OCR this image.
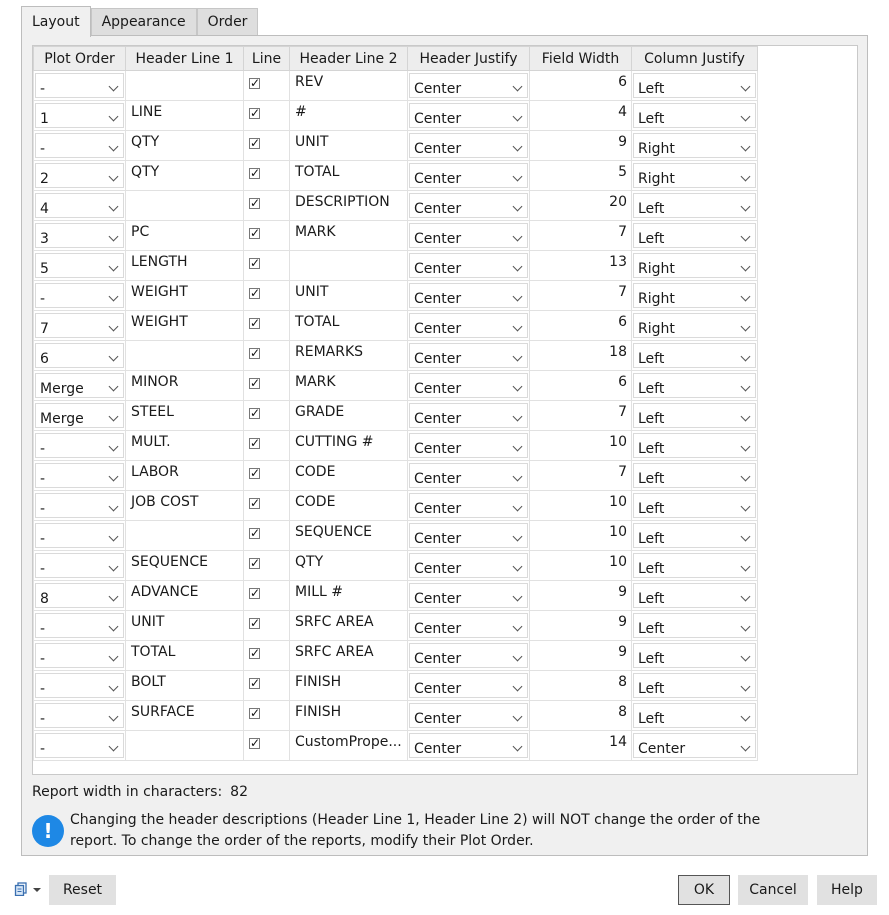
Layout	Appearance	Order
Plot Order	Header Line 1	Line	Header Line 2	Header Justify	Field Width	Column Justify

-		✓	REV	Center	6	Left

1	LINE	✓	#	Center	4	Left

-	QTY	✓	UNIT	Center	9	Right

2	QTY	✓	TOTAL	Center	5	Right

4		✓	DESCRIPTION	Center	20	Left

3	PC	✓	MARK	Center	7	Left

5	LENGTH	✓		Center	13	Right

-	WEIGHT	✓	UNIT	Center	7	Right

7	WEIGHT	✓	TOTAL	Center	6	Right

6		✓	REMARKS	Center	18	Left

Merge	MINOR	✓	MARK	Center	6	Left

Merge	STEEL	✓	GRADE	Center	7	Left

-	MULT.	✓	CUTTING #	Center	10	Left

-	LABOR	✓	CODE	Center	7	Left

-	JOB COST	✓	CODE	Center	10	Left

-		✓	SEQUENCE	Center	10	Left

-	SEQUENCE	✓	QTY	Center	10	Left

8	ADVANCE	✓	MILL #	Center	9	Left

-	UNIT	✓	SRFC AREA	Center	9	Left

-	TOTAL	✓	SRFC AREA	Center	9	Left

-	BOLT	✓	FINISH	Center	8	Left

-	SURFACE	✓	FINISH	Center	8	Left

-		✓	CustomPrope...	Center	14	Center
Report width in characters: 82
!	Changing the header descriptions (Header Line 1, Header Line 2) will NOT change the order of the
report. To change the order of the reports, modify their Plot Order.
Reset	OK	Cancel	Help
